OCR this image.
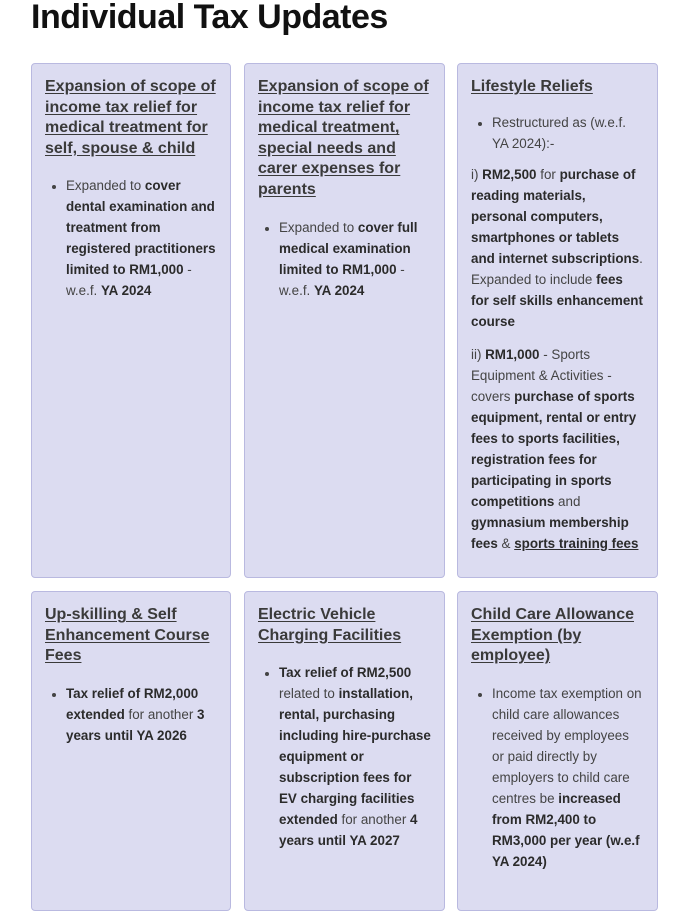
Individual Tax Updates
Expansion of scope of income tax relief for medical treatment for self, spouse & child
• Expanded to cover dental examination and treatment from registered practitioners limited to RM1,000 - w.e.f. YA 2024
Expansion of scope of income tax relief for medical treatment, special needs and carer expenses for parents
• Expanded to cover full medical examination limited to RM1,000 - w.e.f. YA 2024
Lifestyle Reliefs
• Restructured as (w.e.f. YA 2024):-

i) RM2,500 for purchase of reading materials, personal computers, smartphones or tablets and internet subscriptions. Expanded to include fees for self skills enhancement course

ii) RM1,000 - Sports Equipment & Activities - covers purchase of sports equipment, rental or entry fees to sports facilities, registration fees for participating in sports competitions and gymnasium membership fees & sports training fees

Up-skilling & Self Enhancement Course Fees
• Tax relief of RM2,000 extended for another 3 years until YA 2026
Electric Vehicle Charging Facilities
• Tax relief of RM2,500 related to installation, rental, purchasing including hire-purchase equipment or subscription fees for EV charging facilities extended for another 4 years until YA 2027
Child Care Allowance Exemption (by employee)
• Income tax exemption on child care allowances received by employees or paid directly by employers to child care centres be increased from RM2,400 to RM3,000 per year (w.e.f YA 2024)
